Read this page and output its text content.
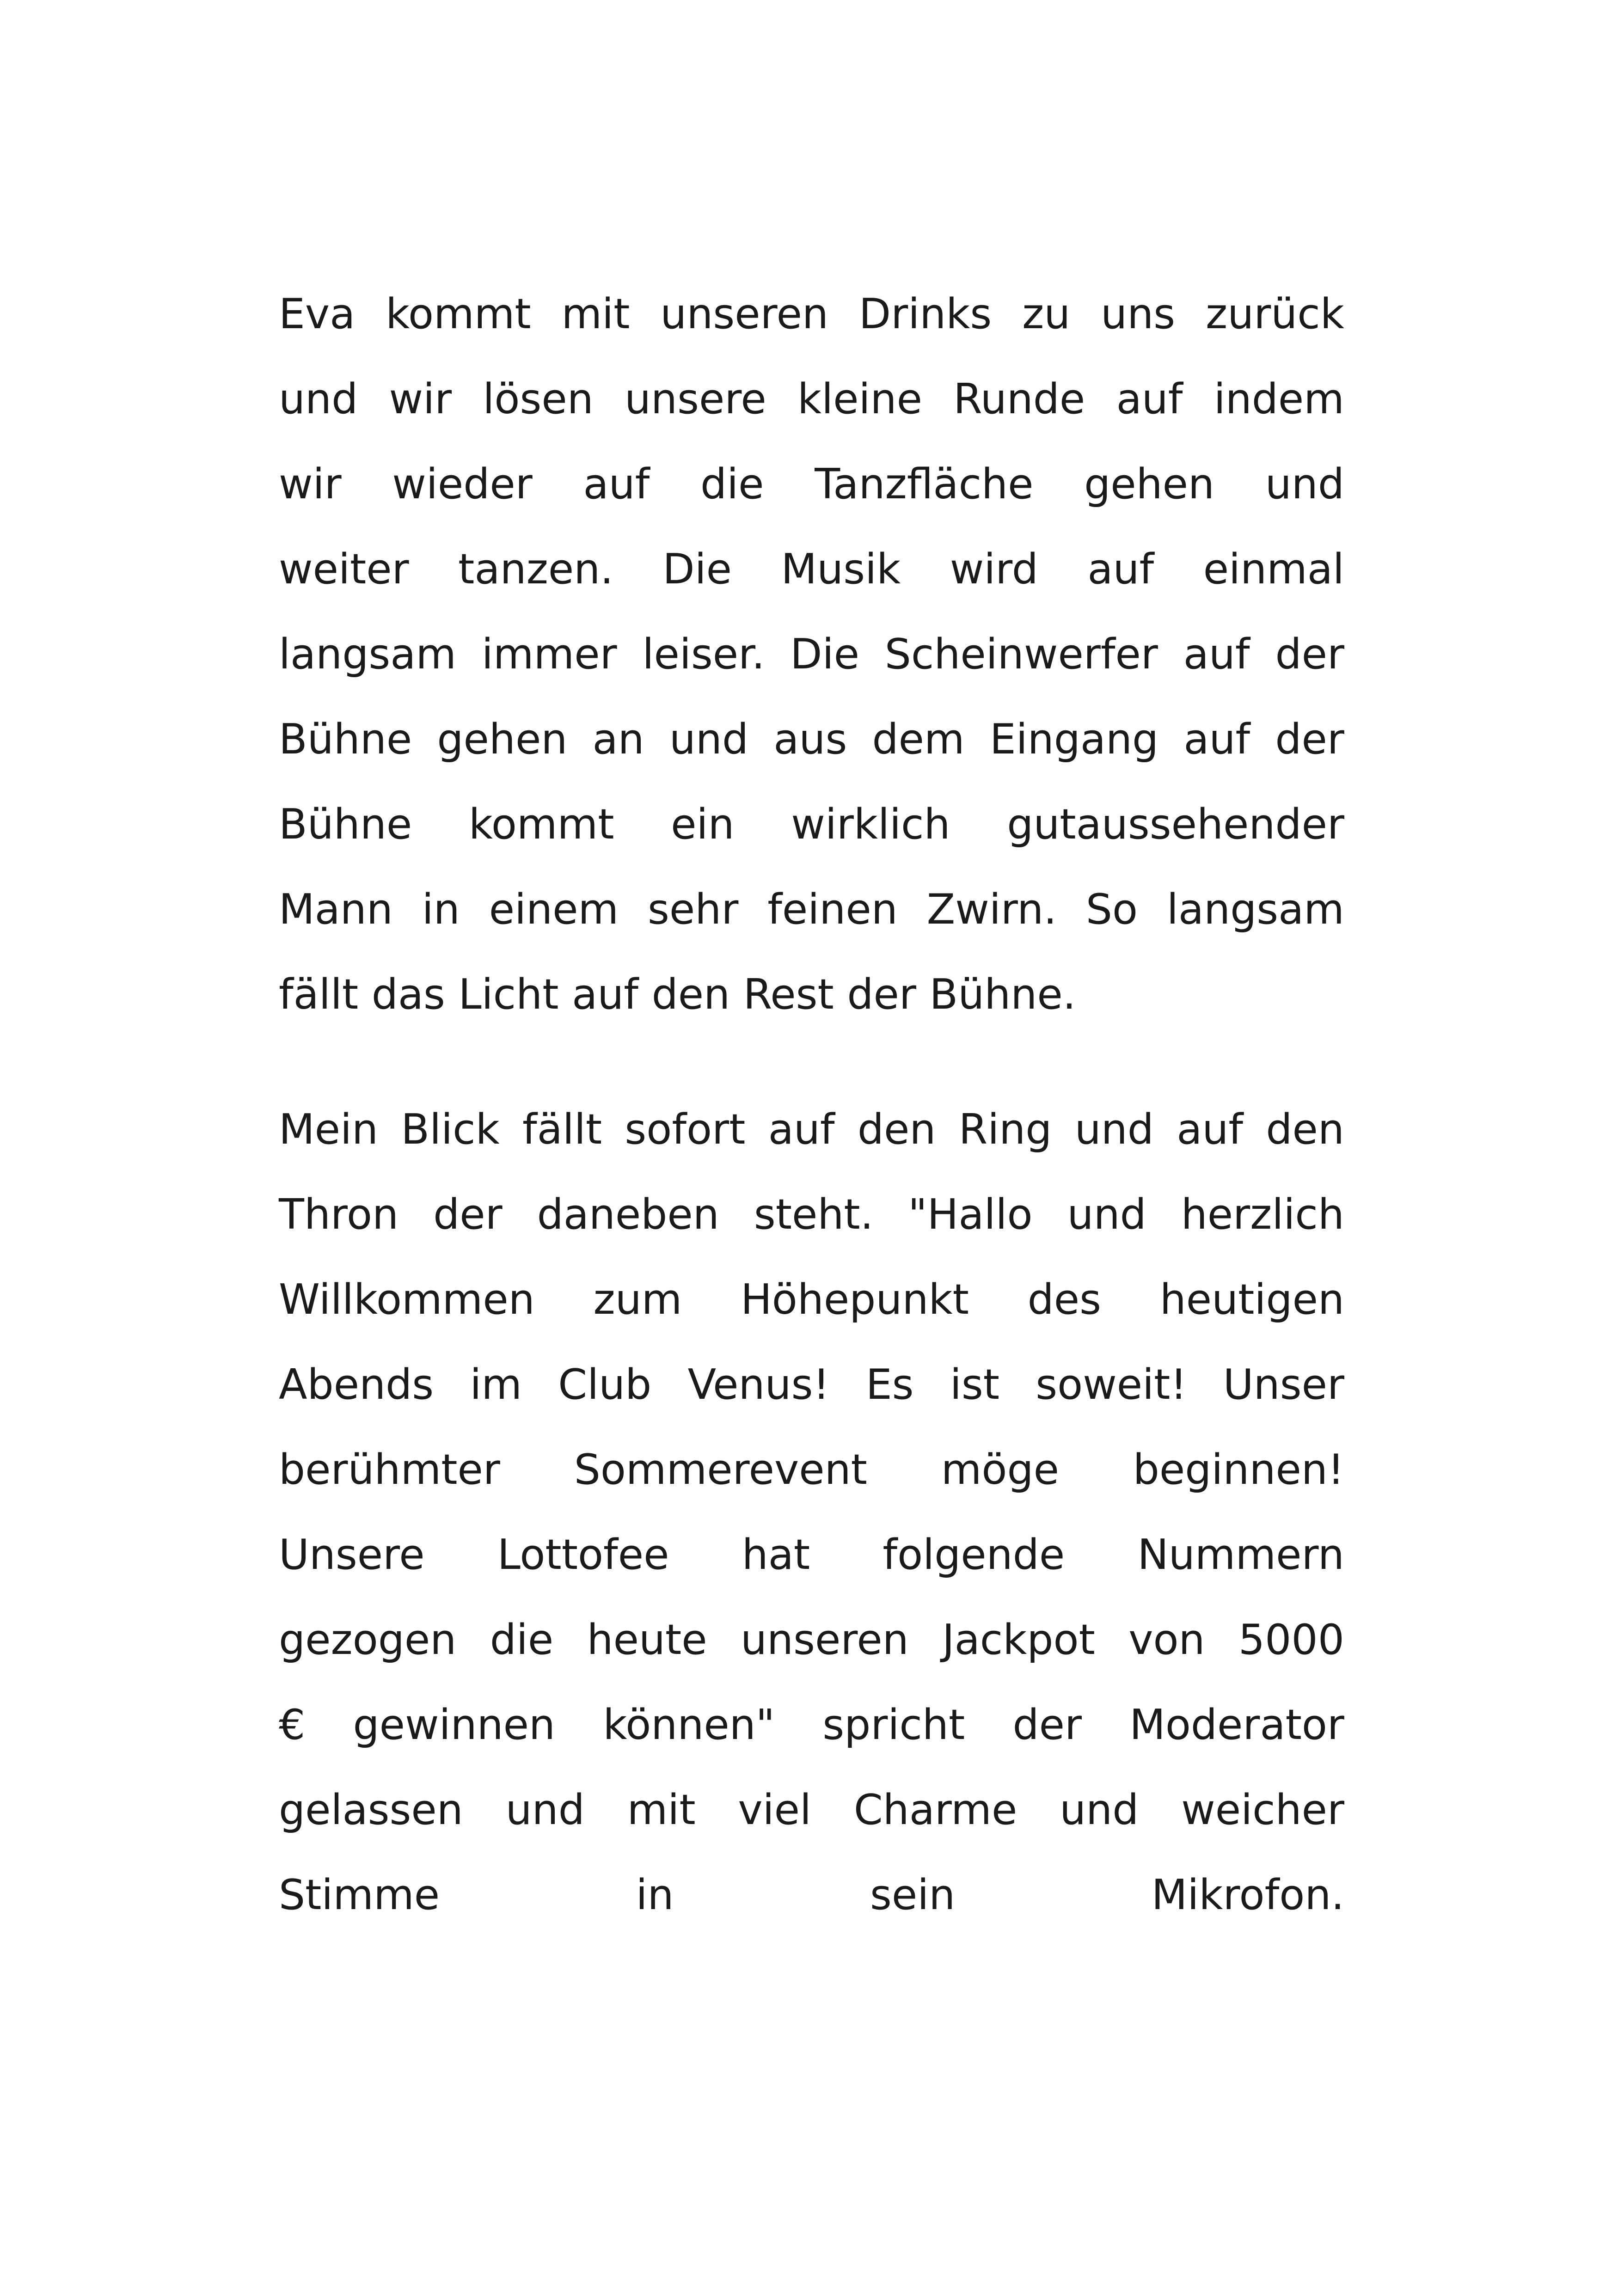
Eva kommt mit unseren Drinks zu uns zurück
und wir lösen unsere kleine Runde auf indem
wir wieder auf die Tanzfläche gehen und
weiter tanzen. Die Musik wird auf einmal
langsam immer leiser. Die Scheinwerfer auf der
Bühne gehen an und aus dem Eingang auf der
Bühne kommt ein wirklich gutaussehender
Mann in einem sehr feinen Zwirn. So langsam
fällt das Licht auf den Rest der Bühne.
Mein Blick fällt sofort auf den Ring und auf den
Thron der daneben steht. "Hallo und herzlich
Willkommen zum Höhepunkt des heutigen
Abends im Club Venus! Es ist soweit! Unser
berühmter Sommerevent möge beginnen!
Unsere Lottofee hat folgende Nummern
gezogen die heute unseren Jackpot von 5000
€ gewinnen können" spricht der Moderator
gelassen und mit viel Charme und weicher
Stimme	in	sein	Mikrofon.
